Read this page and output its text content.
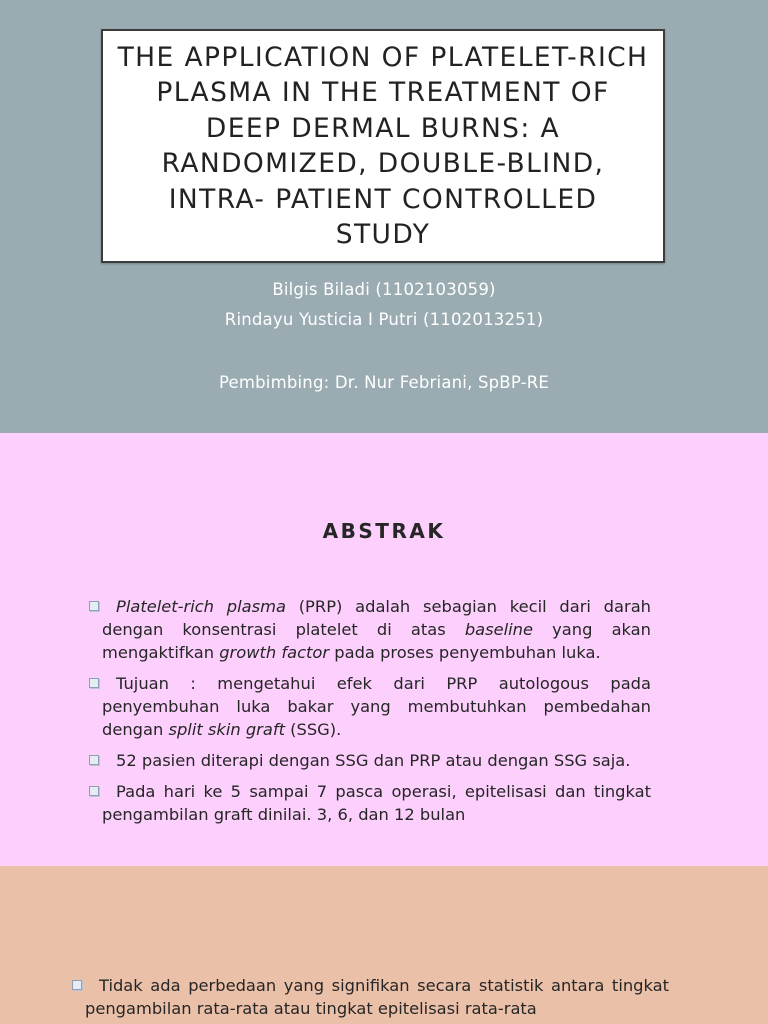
THE APPLICATION OF PLATELET-RICH PLASMA IN THE TREATMENT OF DEEP DERMAL BURNS: A RANDOMIZED, DOUBLE-BLIND, INTRA- PATIENT CONTROLLED STUDY
Bilgis Biladi (1102103059)
Rindayu Yusticia I Putri (1102013251)
Pembimbing: Dr. Nur Febriani, SpBP-RE
ABSTRAK
Platelet-rich plasma (PRP) adalah sebagian kecil dari darah dengan konsentrasi platelet di atas baseline yang akan mengaktifkan growth factor pada proses penyembuhan luka.
Tujuan : mengetahui efek dari PRP autologous pada penyembuhan luka bakar yang membutuhkan pembedahan dengan split skin graft (SSG).
52 pasien diterapi dengan SSG dan PRP atau dengan SSG saja.
Pada hari ke 5 sampai 7 pasca operasi, epitelisasi dan tingkat pengambilan graft dinilai. 3, 6, dan 12 bulan
Tidak ada perbedaan yang signifikan secara statistik antara tingkat pengambilan rata-rata atau tingkat epitelisasi rata-rata
